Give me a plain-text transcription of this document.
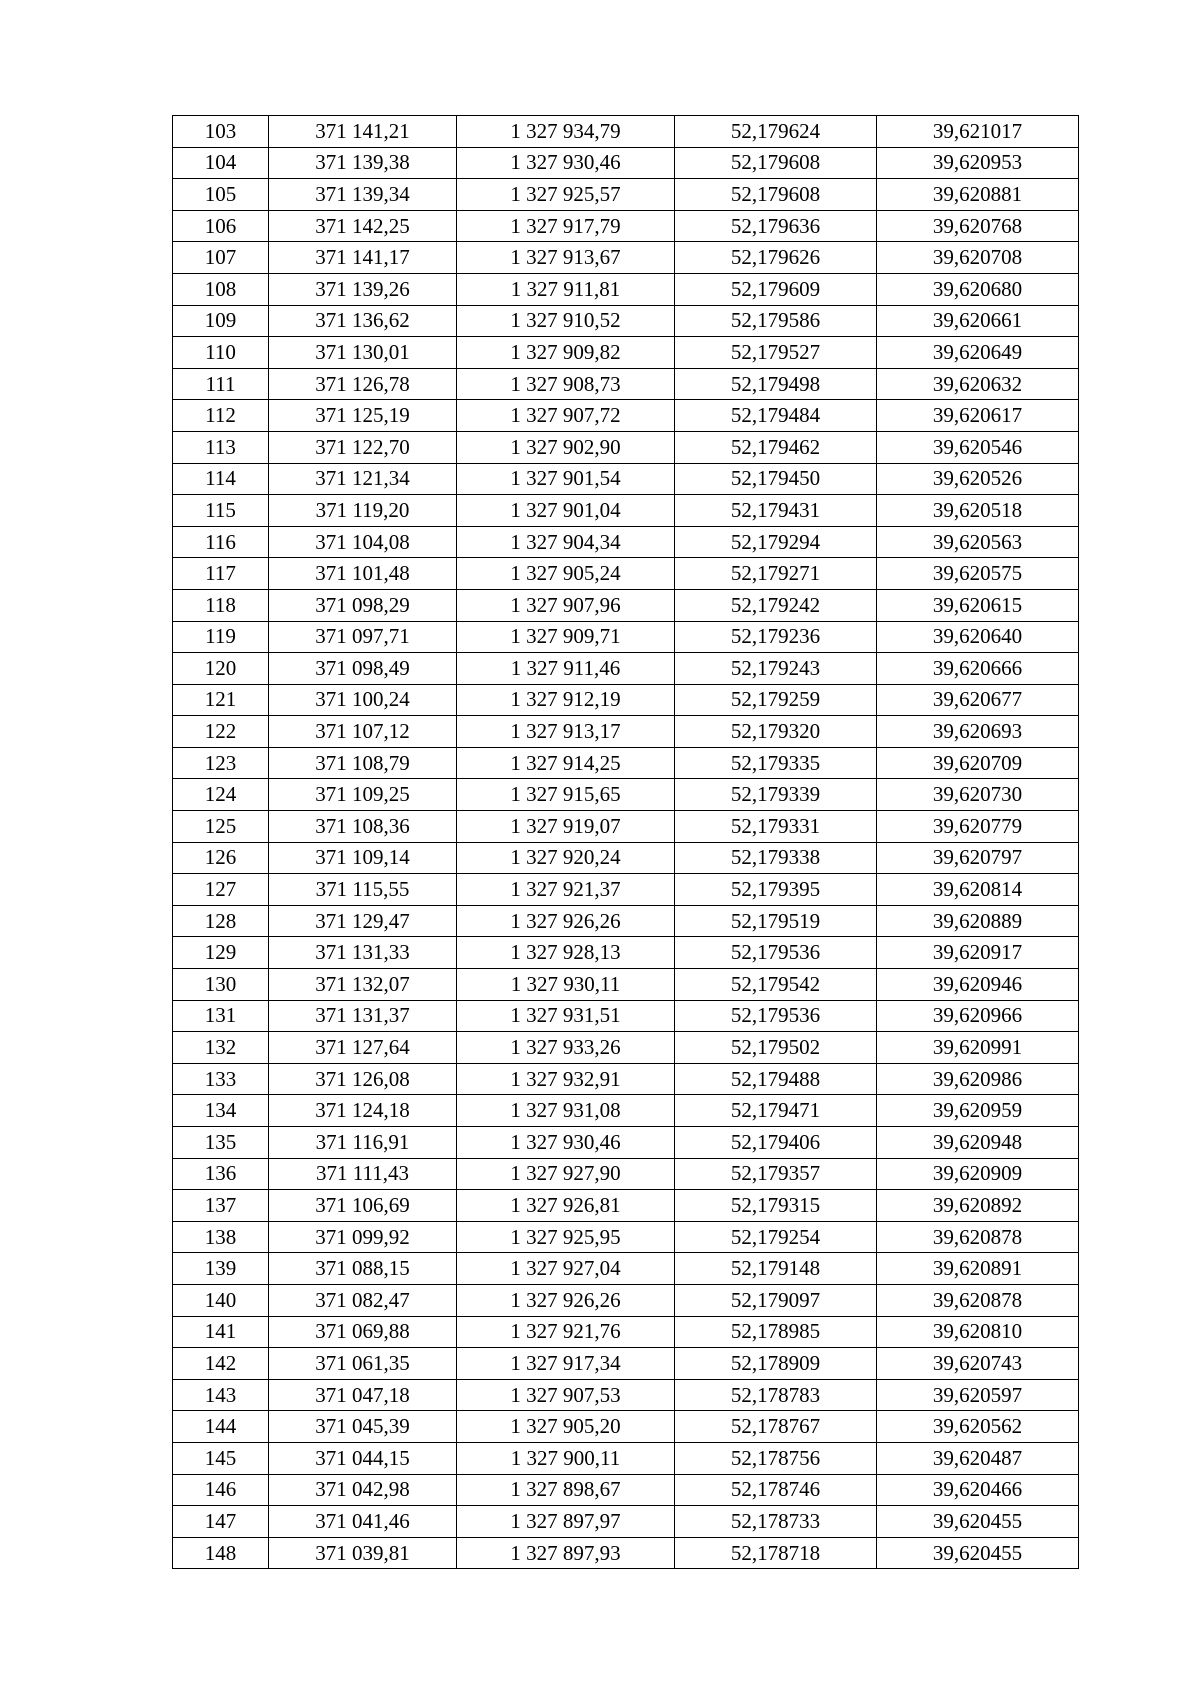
103	371 141,21	1 327 934,79	52,179624	39,621017
104	371 139,38	1 327 930,46	52,179608	39,620953
105	371 139,34	1 327 925,57	52,179608	39,620881
106	371 142,25	1 327 917,79	52,179636	39,620768
107	371 141,17	1 327 913,67	52,179626	39,620708
108	371 139,26	1 327 911,81	52,179609	39,620680
109	371 136,62	1 327 910,52	52,179586	39,620661
110	371 130,01	1 327 909,82	52,179527	39,620649
111	371 126,78	1 327 908,73	52,179498	39,620632
112	371 125,19	1 327 907,72	52,179484	39,620617
113	371 122,70	1 327 902,90	52,179462	39,620546
114	371 121,34	1 327 901,54	52,179450	39,620526
115	371 119,20	1 327 901,04	52,179431	39,620518
116	371 104,08	1 327 904,34	52,179294	39,620563
117	371 101,48	1 327 905,24	52,179271	39,620575
118	371 098,29	1 327 907,96	52,179242	39,620615
119	371 097,71	1 327 909,71	52,179236	39,620640
120	371 098,49	1 327 911,46	52,179243	39,620666
121	371 100,24	1 327 912,19	52,179259	39,620677
122	371 107,12	1 327 913,17	52,179320	39,620693
123	371 108,79	1 327 914,25	52,179335	39,620709
124	371 109,25	1 327 915,65	52,179339	39,620730
125	371 108,36	1 327 919,07	52,179331	39,620779
126	371 109,14	1 327 920,24	52,179338	39,620797
127	371 115,55	1 327 921,37	52,179395	39,620814
128	371 129,47	1 327 926,26	52,179519	39,620889
129	371 131,33	1 327 928,13	52,179536	39,620917
130	371 132,07	1 327 930,11	52,179542	39,620946
131	371 131,37	1 327 931,51	52,179536	39,620966
132	371 127,64	1 327 933,26	52,179502	39,620991
133	371 126,08	1 327 932,91	52,179488	39,620986
134	371 124,18	1 327 931,08	52,179471	39,620959
135	371 116,91	1 327 930,46	52,179406	39,620948
136	371 111,43	1 327 927,90	52,179357	39,620909
137	371 106,69	1 327 926,81	52,179315	39,620892
138	371 099,92	1 327 925,95	52,179254	39,620878
139	371 088,15	1 327 927,04	52,179148	39,620891
140	371 082,47	1 327 926,26	52,179097	39,620878
141	371 069,88	1 327 921,76	52,178985	39,620810
142	371 061,35	1 327 917,34	52,178909	39,620743
143	371 047,18	1 327 907,53	52,178783	39,620597
144	371 045,39	1 327 905,20	52,178767	39,620562
145	371 044,15	1 327 900,11	52,178756	39,620487
146	371 042,98	1 327 898,67	52,178746	39,620466
147	371 041,46	1 327 897,97	52,178733	39,620455
148	371 039,81	1 327 897,93	52,178718	39,620455
